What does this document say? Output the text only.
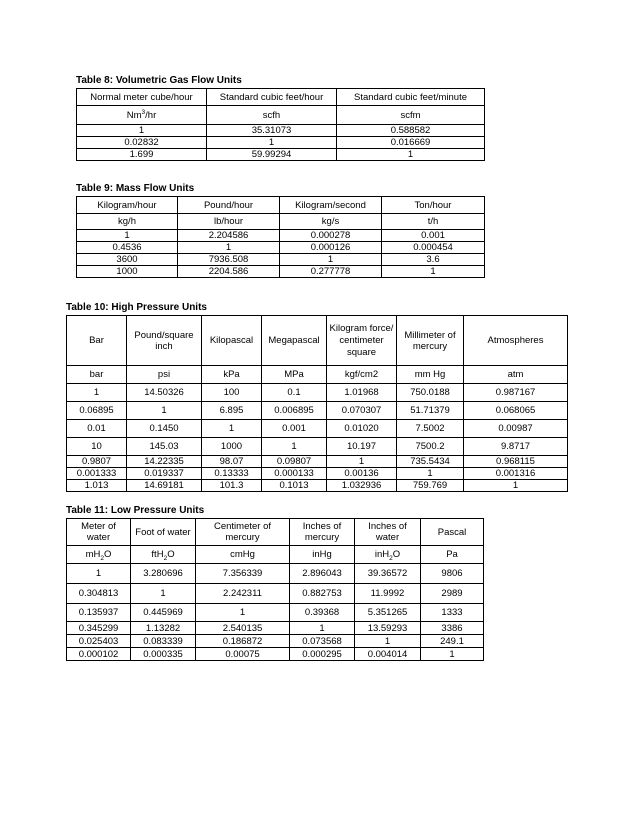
Table 8: Volumetric Gas Flow Units
Normal meter cube/hour	Standard cubic feet/hour	Standard cubic feet/minute
Nm$^3$/hr	scfh	scfm
1	35.31073	0.588582
0.02832	1	0.016669
1.699	59.99294	1
Table 9: Mass Flow Units
Kilogram/hour	Pound/hour	Kilogram/second	Ton/hour
kg/h	lb/hour	kg/s	t/h
1	2.204586	0.000278	0.001
0.4536	1	0.000126	0.000454
3600	7936.508	1	3.6
1000	2204.586	0.277778	1
Table 10: High Pressure Units
Bar	Pound/square inch	Kilopascal	Megapascal	Kilogram force/ centimeter square	Millimeter of mercury	Atmospheres
bar	psi	kPa	MPa	kgf/cm2	mm Hg	atm
1	14.50326	100	0.1	1.01968	750.0188	0.987167
0.06895	1	6.895	0.006895	0.070307	51.71379	0.068065
0.01	0.1450	1	0.001	0.01020	7.5002	0.00987
10	145.03	1000	1	10.197	7500.2	9.8717
0.9807	14.22335	98.07	0.09807	1	735.5434	0.968115
0.001333	0.019337	0.13333	0.000133	0.00136	1	0.001316
1.013	14.69181	101.3	0.1013	1.032936	759.769	1
Table 11: Low Pressure Units
Meter of water	Foot of water	Centimeter of mercury	Inches of mercury	Inches of water	Pascal
$mH_2O$	ftH$_2$O	cmHg	inHg	inH$_2$O	Pa
1	3.280696	7.356339	2.896043	39.36572	9806
0.304813	1	2.242311	0.882753	11.9992	2989
0.135937	0.445969	1	0.39368	5.351265	1333
0.345299	1.13282	2.540135	1	13.59293	3386
0.025403	0.083339	0.186872	0.073568	1	249.1
0.000102	0.000335	0.00075	0.000295	0.004014	1
